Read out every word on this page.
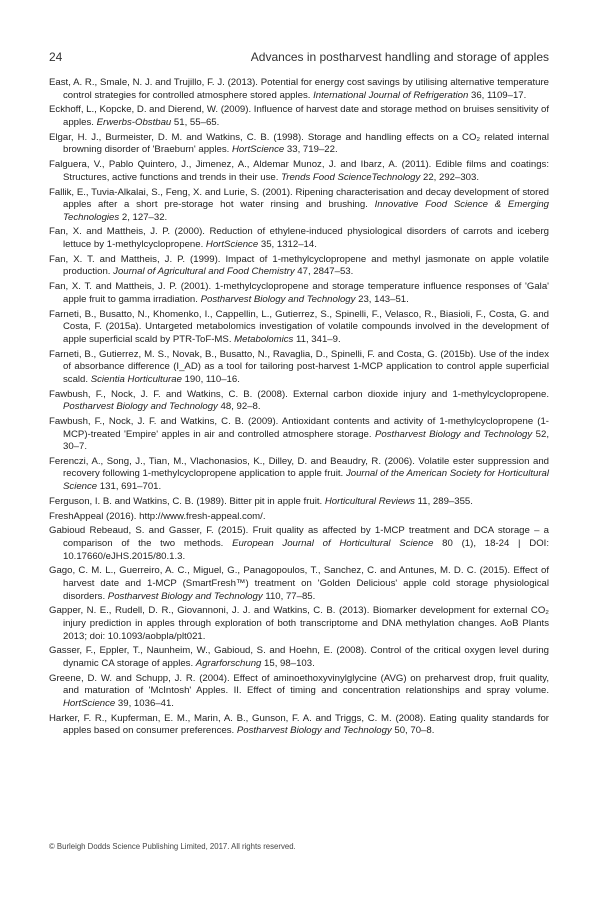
24	Advances in postharvest handling and storage of apples

East, A. R., Smale, N. J. and Trujillo, F. J. (2013). Potential for energy cost savings by utilising alternative temperature control strategies for controlled atmosphere stored apples. International Journal of Refrigeration 36, 1109–17.

Eckhoff, L., Kopcke, D. and Dierend, W. (2009). Influence of harvest date and storage method on bruises sensitivity of apples. Erwerbs-Obstbau 51, 55–65.

Elgar, H. J., Burmeister, D. M. and Watkins, C. B. (1998). Storage and handling effects on a CO₂ related internal browning disorder of 'Braeburn' apples. HortScience 33, 719–22.

Falguera, V., Pablo Quintero, J., Jimenez, A., Aldemar Munoz, J. and Ibarz, A. (2011). Edible films and coatings: Structures, active functions and trends in their use. Trends Food ScienceTechnology 22, 292–303.

Fallik, E., Tuvia-Alkalai, S., Feng, X. and Lurie, S. (2001). Ripening characterisation and decay development of stored apples after a short pre-storage hot water rinsing and brushing. Innovative Food Science & Emerging Technologies 2, 127–32.

Fan, X. and Mattheis, J. P. (2000). Reduction of ethylene-induced physiological disorders of carrots and iceberg lettuce by 1-methylcyclopropene. HortScience 35, 1312–14.

Fan, X. T. and Mattheis, J. P. (1999). Impact of 1-methylcyclopropene and methyl jasmonate on apple volatile production. Journal of Agricultural and Food Chemistry 47, 2847–53.

Fan, X. T. and Mattheis, J. P. (2001). 1-methylcyclopropene and storage temperature influence responses of 'Gala' apple fruit to gamma irradiation. Postharvest Biology and Technology 23, 143–51.

Farneti, B., Busatto, N., Khomenko, I., Cappellin, L., Gutierrez, S., Spinelli, F., Velasco, R., Biasioli, F., Costa, G. and Costa, F. (2015a). Untargeted metabolomics investigation of volatile compounds involved in the development of apple superficial scald by PTR-ToF-MS. Metabolomics 11, 341–9.

Farneti, B., Gutierrez, M. S., Novak, B., Busatto, N., Ravaglia, D., Spinelli, F. and Costa, G. (2015b). Use of the index of absorbance difference (I_AD) as a tool for tailoring post-harvest 1-MCP application to control apple superficial scald. Scientia Horticulturae 190, 110–16.

Fawbush, F., Nock, J. F. and Watkins, C. B. (2008). External carbon dioxide injury and 1-methylcyclopropene. Postharvest Biology and Technology 48, 92–8.

Fawbush, F., Nock, J. F. and Watkins, C. B. (2009). Antioxidant contents and activity of 1-methylcyclopropene (1-MCP)-treated 'Empire' apples in air and controlled atmosphere storage. Postharvest Biology and Technology 52, 30–7.

Ferenczi, A., Song, J., Tian, M., Vlachonasios, K., Dilley, D. and Beaudry, R. (2006). Volatile ester suppression and recovery following 1-methylcyclopropene application to apple fruit. Journal of the American Society for Horticultural Science 131, 691–701.

Ferguson, I. B. and Watkins, C. B. (1989). Bitter pit in apple fruit. Horticultural Reviews 11, 289–355.

FreshAppeal (2016). http://www.fresh-appeal.com/.

Gabioud Rebeaud, S. and Gasser, F. (2015). Fruit quality as affected by 1-MCP treatment and DCA storage – a comparison of the two methods. European Journal of Horticultural Science 80 (1), 18-24 | DOI: 10.17660/eJHS.2015/80.1.3.

Gago, C. M. L., Guerreiro, A. C., Miguel, G., Panagopoulos, T., Sanchez, C. and Antunes, M. D. C. (2015). Effect of harvest date and 1-MCP (SmartFresh™) treatment on 'Golden Delicious' apple cold storage physiological disorders. Postharvest Biology and Technology 110, 77–85.

Gapper, N. E., Rudell, D. R., Giovannoni, J. J. and Watkins, C. B. (2013). Biomarker development for external CO₂ injury prediction in apples through exploration of both transcriptome and DNA methylation changes. AoB Plants 2013; doi: 10.1093/aobpla/plt021.

Gasser, F., Eppler, T., Naunheim, W., Gabioud, S. and Hoehn, E. (2008). Control of the critical oxygen level during dynamic CA storage of apples. Agrarforschung 15, 98–103.

Greene, D. W. and Schupp, J. R. (2004). Effect of aminoethoxyvinylglycine (AVG) on preharvest drop, fruit quality, and maturation of 'McIntosh' Apples. II. Effect of timing and concentration relationships and spray volume. HortScience 39, 1036–41.

Harker, F. R., Kupferman, E. M., Marin, A. B., Gunson, F. A. and Triggs, C. M. (2008). Eating quality standards for apples based on consumer preferences. Postharvest Biology and Technology 50, 70–8.

© Burleigh Dodds Science Publishing Limited, 2017. All rights reserved.
